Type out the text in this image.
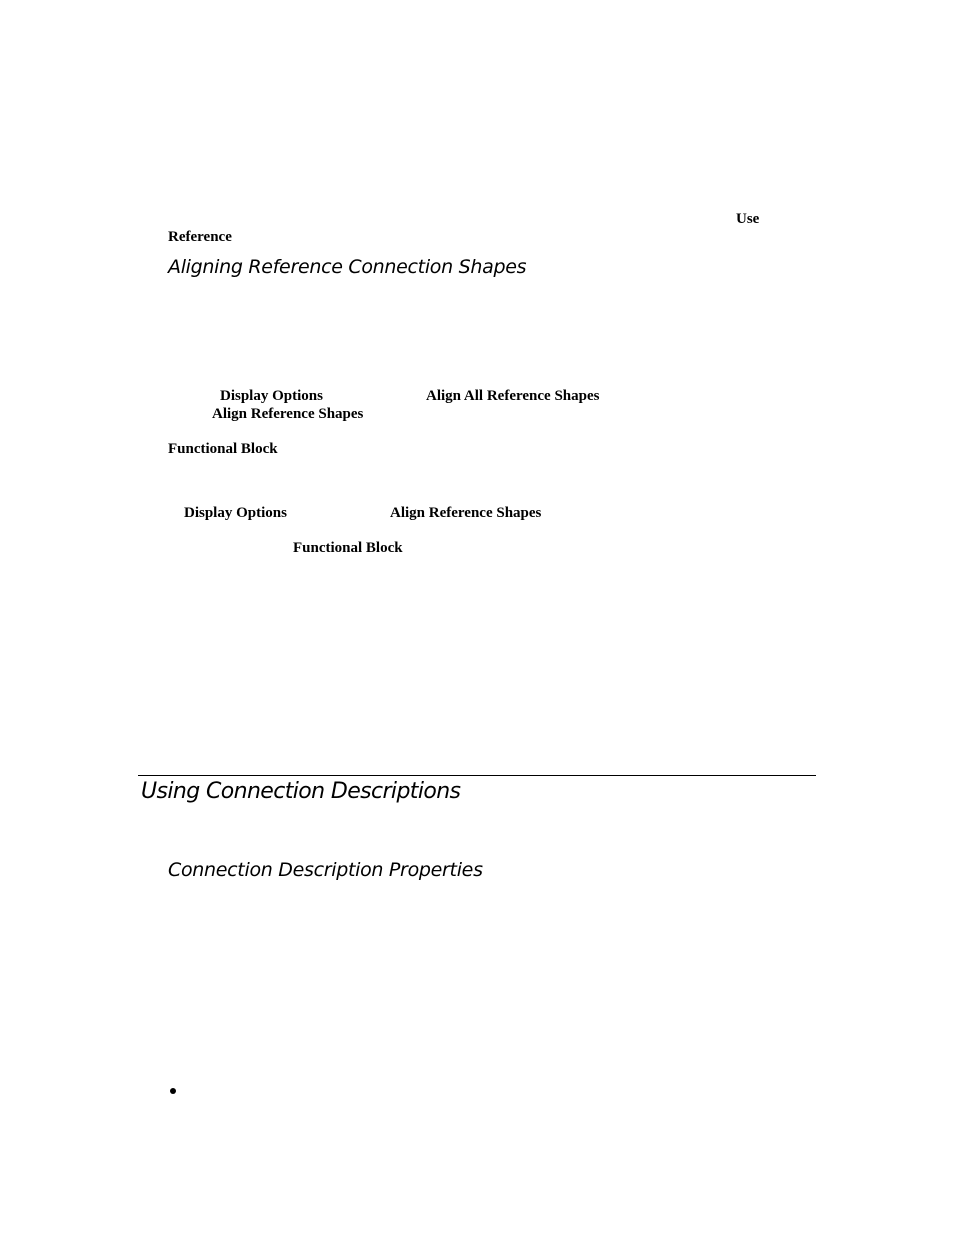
Use
Reference
Aligning Reference Connection Shapes
Display Options	Align All Reference Shapes
Align Reference Shapes
Functional Block
Display Options	Align Reference Shapes
Functional Block
Using Connection Descriptions
Connection Description Properties
